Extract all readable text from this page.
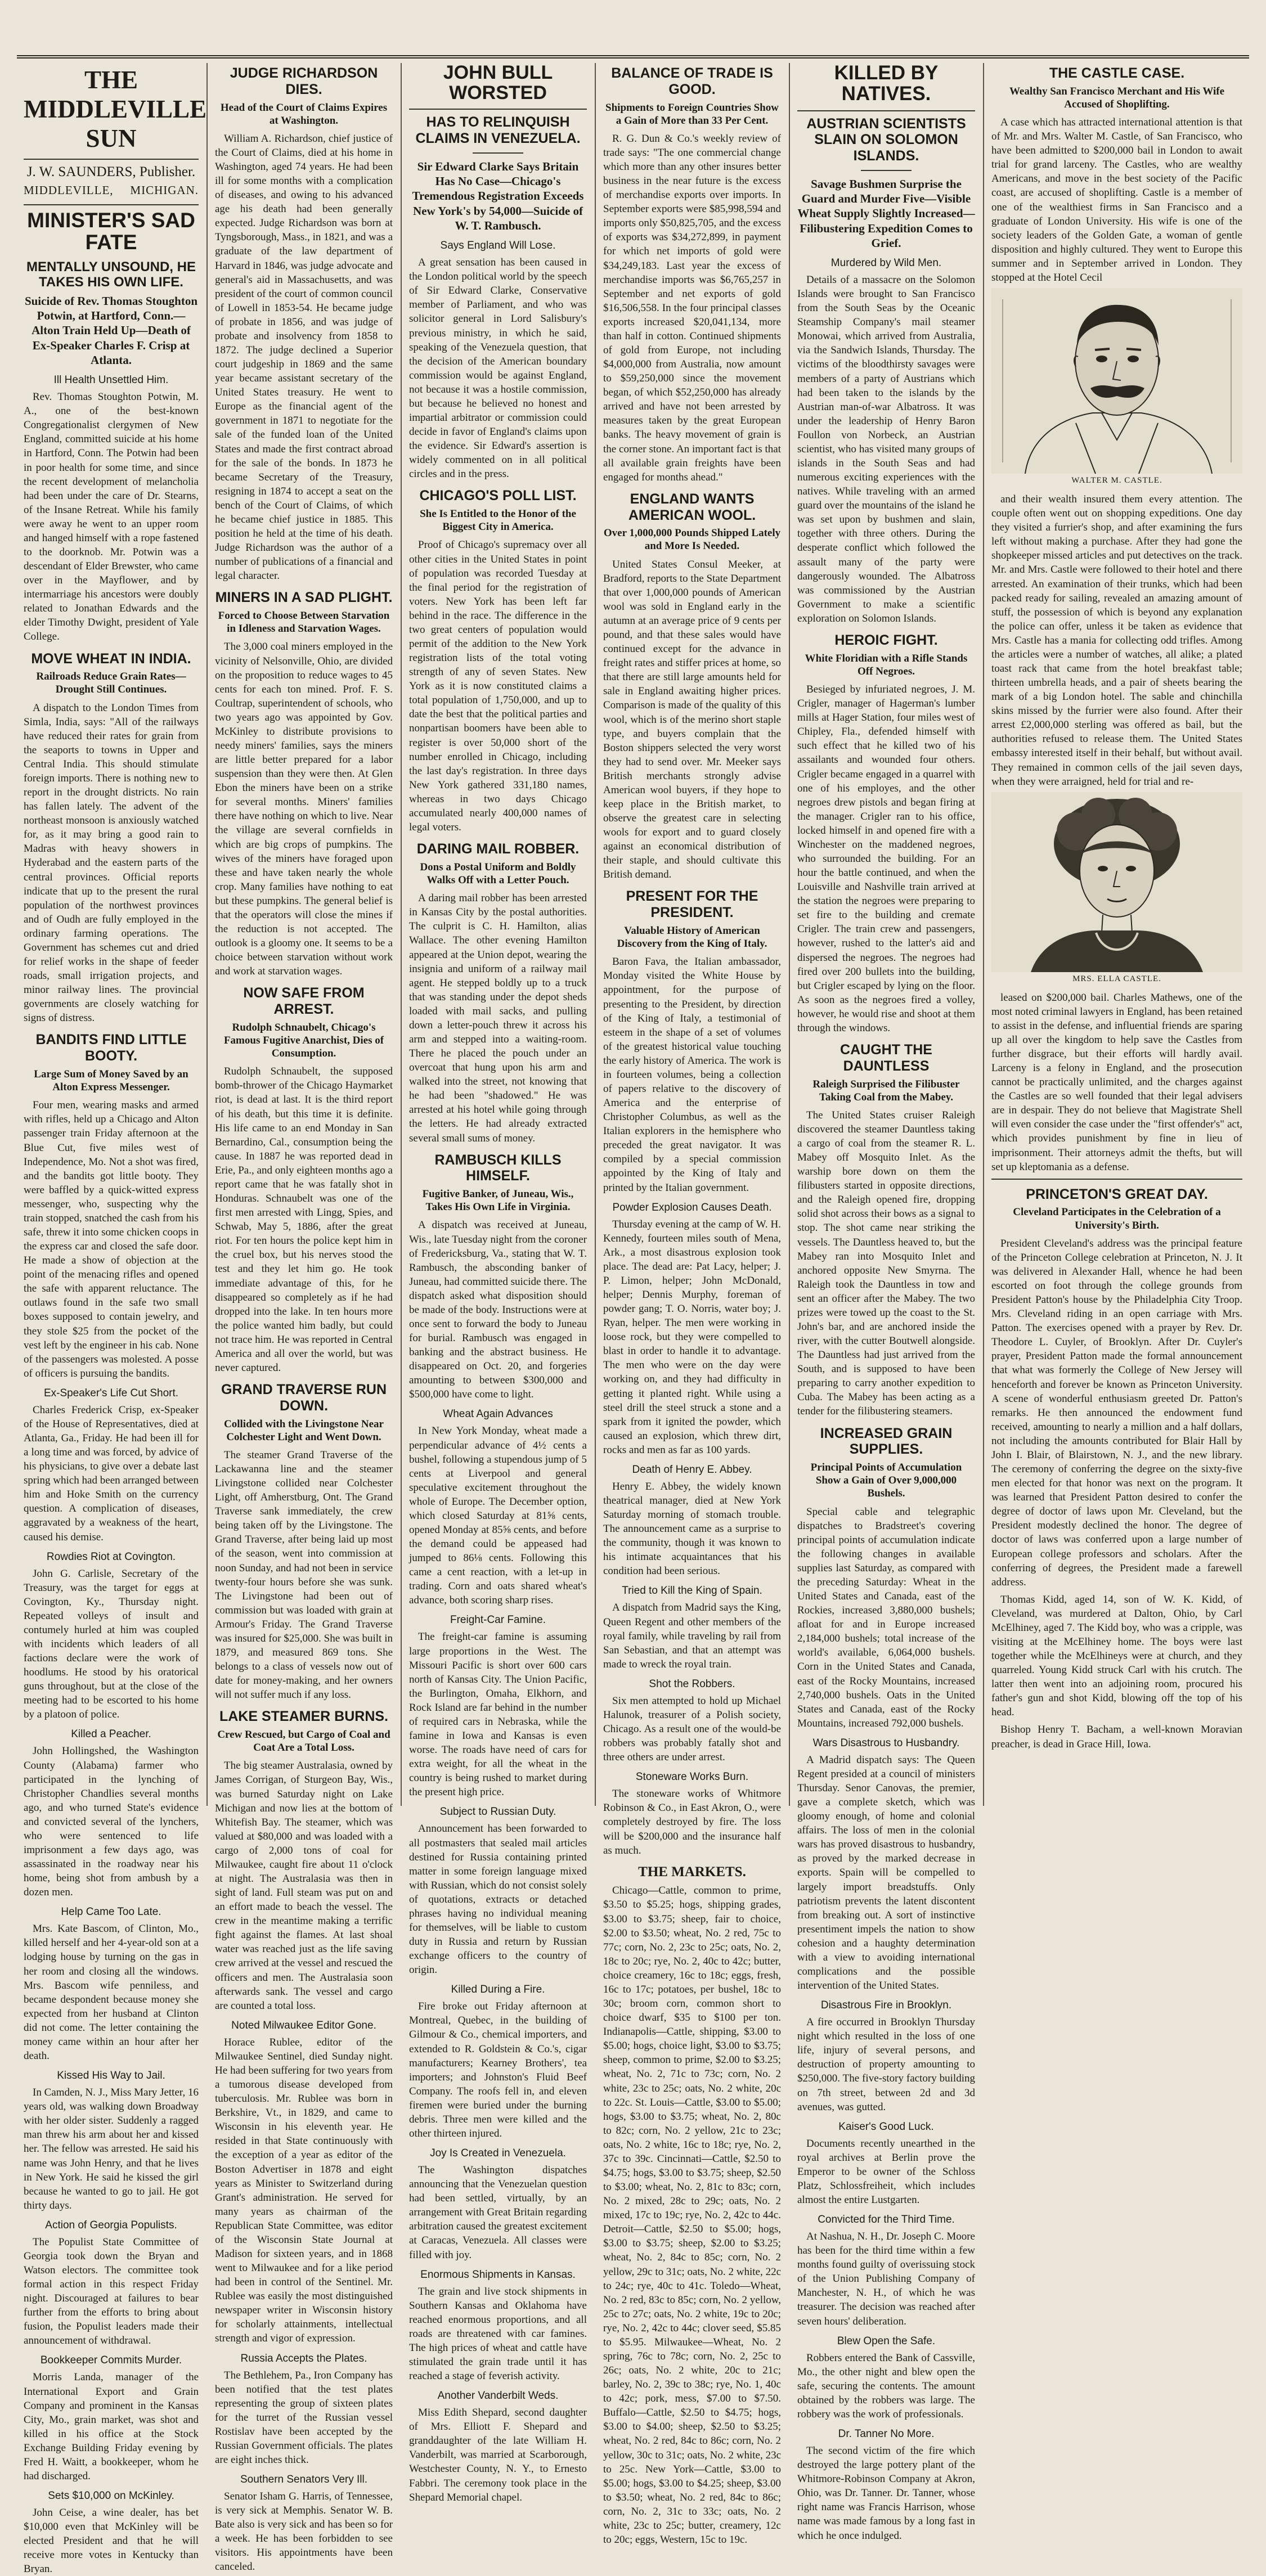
THE MIDDLEVILLE SUN
J. W. SAUNDERS, Publisher.
MIDDLEVILLE, MICHIGAN.
MINISTER'S SAD FATE
MENTALLY UNSOUND, HE TAKES HIS OWN LIFE.
Suicide of Rev. Thomas Stoughton Potwin, at Hartford, Conn.—Alton Train Held Up—Death of Ex-Speaker Charles F. Crisp at Atlanta.
Ill Health Unsettled Him.

Rev. Thomas Stoughton Potwin, M. A., one of the best-known Congregationalist clergymen of New England, committed suicide at his home in Hartford, Conn. The Potwin had been in poor health for some time, and since the recent development of melancholia had been under the care of Dr. Stearns, of the Insane Retreat. While his family were away he went to an upper room and hanged himself with a rope fastened to the doorknob. Mr. Potwin was a descendant of Elder Brewster, who came over in the Mayflower, and by intermarriage his ancestors were doubly related to Jonathan Edwards and the elder Timothy Dwight, president of Yale College.

MOVE WHEAT IN INDIA.
Railroads Reduce Grain Rates—Drought Still Continues.

A dispatch to the London Times from Simla, India, says: "All of the railways have reduced their rates for grain from the seaports to towns in Upper and Central India. This should stimulate foreign imports. There is nothing new to report in the drought districts. No rain has fallen lately. The advent of the northeast monsoon is anxiously watched for, as it may bring a good rain to Madras with heavy showers in Hyderabad and the eastern parts of the central provinces. Official reports indicate that up to the present the rural population of the northwest provinces and of Oudh are fully employed in the ordinary farming operations. The Government has schemes cut and dried for relief works in the shape of feeder roads, small irrigation projects, and minor railway lines. The provincial governments are closely watching for signs of distress.

BANDITS FIND LITTLE BOOTY.
Large Sum of Money Saved by an Alton Express Messenger.

Four men, wearing masks and armed with rifles, held up a Chicago and Alton passenger train Friday afternoon at the Blue Cut, five miles west of Independence, Mo. Not a shot was fired, and the bandits got little booty. They were baffled by a quick-witted express messenger, who, suspecting why the train stopped, snatched the cash from his safe, threw it into some chicken coops in the express car and closed the safe door. He made a show of objection at the point of the menacing rifles and opened the safe with apparent reluctance. The outlaws found in the safe two small boxes supposed to contain jewelry, and they stole $25 from the pocket of the vest left by the engineer in his cab. None of the passengers was molested. A posse of officers is pursuing the bandits.

Ex-Speaker's Life Cut Short.

Charles Frederick Crisp, ex-Speaker of the House of Representatives, died at Atlanta, Ga., Friday. He had been ill for a long time and was forced, by advice of his physicians, to give over a debate last spring which had been arranged between him and Hoke Smith on the currency question. A complication of diseases, aggravated by a weakness of the heart, caused his demise.

Rowdies Riot at Covington.

John G. Carlisle, Secretary of the Treasury, was the target for eggs at Covington, Ky., Thursday night. Repeated volleys of insult and contumely hurled at him was coupled with incidents which leaders of all factions declare were the work of hoodlums. He stood by his oratorical guns throughout, but at the close of the meeting had to be escorted to his home by a platoon of police.

Killed a Peacher.

John Hollingshed, the Washington County (Alabama) farmer who participated in the lynching of Christopher Chandlies several months ago, and who turned State's evidence and convicted several of the lynchers, who were sentenced to life imprisonment a few days ago, was assassinated in the roadway near his home, being shot from ambush by a dozen men.

Help Came Too Late.

Mrs. Kate Bascom, of Clinton, Mo., killed herself and her 4-year-old son at a lodging house by turning on the gas in her room and closing all the windows. Mrs. Bascom wife penniless, and became despondent because money she expected from her husband at Clinton did not come. The letter containing the money came within an hour after her death.

Kissed His Way to Jail.

In Camden, N. J., Miss Mary Jetter, 16 years old, was walking down Broadway with her older sister. Suddenly a ragged man threw his arm about her and kissed her. The fellow was arrested. He said his name was John Henry, and that he lives in New York. He said he kissed the girl because he wanted to go to jail. He got thirty days.

Action of Georgia Populists.

The Populist State Committee of Georgia took down the Bryan and Watson electors. The committee took formal action in this respect Friday night. Discouraged at failures to bear further from the efforts to bring about fusion, the Populist leaders made their announcement of withdrawal.

Bookkeeper Commits Murder.

Morris Landa, manager of the International Export and Grain Company and prominent in the Kansas City, Mo., grain market, was shot and killed in his office at the Stock Exchange Building Friday evening by Fred H. Waitt, a bookkeeper, whom he had discharged.

Sets $10,000 on McKinley.

John Ceise, a wine dealer, has bet $10,000 even that McKinley will be elected President and that he will receive more votes in Kentucky than Bryan.

JUDGE RICHARDSON DIES.
Head of the Court of Claims Expires at Washington.

William A. Richardson, chief justice of the Court of Claims, died at his home in Washington, aged 74 years. He had been ill for some months with a complication of diseases, and owing to his advanced age his death had been generally expected. Judge Richardson was born at Tyngsborough, Mass., in 1821, and was a graduate of the law department of Harvard in 1846, was judge advocate and general's aid in Massachusetts, and was president of the court of common council of Lowell in 1853-54. He became judge of probate in 1856, and was judge of probate and insolvency from 1858 to 1872. The judge declined a Superior court judgeship in 1869 and the same year became assistant secretary of the United States treasury. He went to Europe as the financial agent of the government in 1871 to negotiate for the sale of the funded loan of the United States and made the first contract abroad for the sale of the bonds. In 1873 he became Secretary of the Treasury, resigning in 1874 to accept a seat on the bench of the Court of Claims, of which he became chief justice in 1885. This position he held at the time of his death. Judge Richardson was the author of a number of publications of a financial and legal character.

MINERS IN A SAD PLIGHT.
Forced to Choose Between Starvation in Idleness and Starvation Wages.

The 3,000 coal miners employed in the vicinity of Nelsonville, Ohio, are divided on the proposition to reduce wages to 45 cents for each ton mined. Prof. F. S. Coultrap, superintendent of schools, who two years ago was appointed by Gov. McKinley to distribute provisions to needy miners' families, says the miners are little better prepared for a labor suspension than they were then. At Glen Ebon the miners have been on a strike for several months. Miners' families there have nothing on which to live. Near the village are several cornfields in which are big crops of pumpkins. The wives of the miners have foraged upon these and have taken nearly the whole crop. Many families have nothing to eat but these pumpkins. The general belief is that the operators will close the mines if the reduction is not accepted. The outlook is a gloomy one. It seems to be a choice between starvation without work and work at starvation wages.

NOW SAFE FROM ARREST.
Rudolph Schnaubelt, Chicago's Famous Fugitive Anarchist, Dies of Consumption.

Rudolph Schnaubelt, the supposed bomb-thrower of the Chicago Haymarket riot, is dead at last. It is the third report of his death, but this time it is definite. His life came to an end Monday in San Bernardino, Cal., consumption being the cause. In 1887 he was reported dead in Erie, Pa., and only eighteen months ago a report came that he was fatally shot in Honduras. Schnaubelt was one of the first men arrested with Lingg, Spies, and Schwab, May 5, 1886, after the great riot. For ten hours the police kept him in the cruel box, but his nerves stood the test and they let him go. He took immediate advantage of this, for he disappeared so completely as if he had dropped into the lake. In ten hours more the police wanted him badly, but could not trace him. He was reported in Central America and all over the world, but was never captured.

GRAND TRAVERSE RUN DOWN.
Collided with the Livingstone Near Colchester Light and Went Down.

The steamer Grand Traverse of the Lackawanna line and the steamer Livingstone collided near Colchester Light, off Amherstburg, Ont. The Grand Traverse sank immediately, the crew being taken off by the Livingstone. The Grand Traverse, after being laid up most of the season, went into commission at noon Sunday, and had not been in service twenty-four hours before she was sunk. The Livingstone had been out of commission but was loaded with grain at Armour's Friday. The Grand Traverse was insured for $25,000. She was built in 1879, and measured 869 tons. She belongs to a class of vessels now out of date for money-making, and her owners will not suffer much if any loss.

LAKE STEAMER BURNS.
Crew Rescued, but Cargo of Coal and Coat Are a Total Loss.

The big steamer Australasia, owned by James Corrigan, of Sturgeon Bay, Wis., was burned Saturday night on Lake Michigan and now lies at the bottom of Whitefish Bay. The steamer, which was valued at $80,000 and was loaded with a cargo of 2,000 tons of coal for Milwaukee, caught fire about 11 o'clock at night. The Australasia was then in sight of land. Full steam was put on and an effort made to beach the vessel. The crew in the meantime making a terrific fight against the flames. At last shoal water was reached just as the life saving crew arrived at the vessel and rescued the officers and men. The Australasia soon afterwards sank. The vessel and cargo are counted a total loss.

Noted Milwaukee Editor Gone.

Horace Rublee, editor of the Milwaukee Sentinel, died Sunday night. He had been suffering for two years from a tumorous disease developed from tuberculosis. Mr. Rublee was born in Berkshire, Vt., in 1829, and came to Wisconsin in his eleventh year. He resided in that State continuously with the exception of a year as editor of the Boston Advertiser in 1878 and eight years as Minister to Switzerland during Grant's administration. He served for many years as chairman of the Republican State Committee, was editor of the Wisconsin State Journal at Madison for sixteen years, and in 1868 went to Milwaukee and for a like period had been in control of the Sentinel. Mr. Rublee was easily the most distinguished newspaper writer in Wisconsin history for scholarly attainments, intellectual strength and vigor of expression.

Russia Accepts the Plates.

The Bethlehem, Pa., Iron Company has been notified that the test plates representing the group of sixteen plates for the turret of the Russian vessel Rostislav have been accepted by the Russian Government officials. The plates are eight inches thick.

Southern Senators Very Ill.

Senator Isham G. Harris, of Tennessee, is very sick at Memphis. Senator W. B. Bate also is very sick and has been so for a week. He has been forbidden to see visitors. His appointments have been canceled.

JOHN BULL WORSTED
HAS TO RELINQUISH CLAIMS IN VENEZUELA.
Sir Edward Clarke Says Britain Has No Case—Chicago's Tremendous Registration Exceeds New York's by 54,000—Suicide of W. T. Rambusch.
Says England Will Lose.

A great sensation has been caused in the London political world by the speech of Sir Edward Clarke, Conservative member of Parliament, and who was solicitor general in Lord Salisbury's previous ministry, in which he said, speaking of the Venezuela question, that the decision of the American boundary commission would be against England, not because it was a hostile commission, but because he believed no honest and impartial arbitrator or commission could decide in favor of England's claims upon the evidence. Sir Edward's assertion is widely commented on in all political circles and in the press.

CHICAGO'S POLL LIST.
She Is Entitled to the Honor of the Biggest City in America.

Proof of Chicago's supremacy over all other cities in the United States in point of population was recorded Tuesday at the final period for the registration of voters. New York has been left far behind in the race. The difference in the two great centers of population would permit of the addition to the New York registration lists of the total voting strength of any of seven States. New York as it is now constituted claims a total population of 1,750,000, and up to date the best that the political parties and nonpartisan boomers have been able to register is over 50,000 short of the number enrolled in Chicago, including the last day's registration. In three days New York gathered 331,180 names, whereas in two days Chicago accumulated nearly 400,000 names of legal voters.

DARING MAIL ROBBER.
Dons a Postal Uniform and Boldly Walks Off with a Letter Pouch.

A daring mail robber has been arrested in Kansas City by the postal authorities. The culprit is C. H. Hamilton, alias Wallace. The other evening Hamilton appeared at the Union depot, wearing the insignia and uniform of a railway mail agent. He stepped boldly up to a truck that was standing under the depot sheds loaded with mail sacks, and pulling down a letter-pouch threw it across his arm and stepped into a waiting-room. There he placed the pouch under an overcoat that hung upon his arm and walked into the street, not knowing that he had been "shadowed." He was arrested at his hotel while going through the letters. He had already extracted several small sums of money.

RAMBUSCH KILLS HIMSELF.
Fugitive Banker, of Juneau, Wis., Takes His Own Life in Virginia.

A dispatch was received at Juneau, Wis., late Tuesday night from the coroner of Fredericksburg, Va., stating that W. T. Rambusch, the absconding banker of Juneau, had committed suicide there. The dispatch asked what disposition should be made of the body. Instructions were at once sent to forward the body to Juneau for burial. Rambusch was engaged in banking and the abstract business. He disappeared on Oct. 20, and forgeries amounting to between $300,000 and $500,000 have come to light.

Wheat Again Advances

In New York Monday, wheat made a perpendicular advance of 4½ cents a bushel, following a stupendous jump of 5 cents at Liverpool and general speculative excitement throughout the whole of Europe. The December option, which closed Saturday at 81⅝ cents, opened Monday at 85⅝ cents, and before the demand could be appeased had jumped to 86⅛ cents. Following this came a cent reaction, with a let-up in trading. Corn and oats shared wheat's advance, both scoring sharp rises.

Freight-Car Famine.

The freight-car famine is assuming large proportions in the West. The Missouri Pacific is short over 600 cars north of Kansas City. The Union Pacific, the Burlington, Omaha, Elkhorn, and Rock Island are far behind in the number of required cars in Nebraska, while the famine in Iowa and Kansas is even worse. The roads have need of cars for extra weight, for all the wheat in the country is being rushed to market during the present high price.

Subject to Russian Duty.

Announcement has been forwarded to all postmasters that sealed mail articles destined for Russia containing printed matter in some foreign language mixed with Russian, which do not consist solely of quotations, extracts or detached phrases having no individual meaning for themselves, will be liable to custom duty in Russia and return by Russian exchange officers to the country of origin.

Killed During a Fire.

Fire broke out Friday afternoon at Montreal, Quebec, in the building of Gilmour & Co., chemical importers, and extended to R. Goldstein & Co.'s, cigar manufacturers; Kearney Brothers', tea importers; and Johnston's Fluid Beef Company. The roofs fell in, and eleven firemen were buried under the burning debris. Three men were killed and the other thirteen injured.

Joy Is Created in Venezuela.

The Washington dispatches announcing that the Venezuelan question had been settled, virtually, by an arrangement with Great Britain regarding arbitration caused the greatest excitement at Caracas, Venezuela. All classes were filled with joy.

Enormous Shipments in Kansas.

The grain and live stock shipments in Southern Kansas and Oklahoma have reached enormous proportions, and all roads are threatened with car famines. The high prices of wheat and cattle have stimulated the grain trade until it has reached a stage of feverish activity.

Another Vanderbilt Weds.

Miss Edith Shepard, second daughter of Mrs. Elliott F. Shepard and granddaughter of the late William H. Vanderbilt, was married at Scarborough, Westchester County, N. Y., to Ernesto Fabbri. The ceremony took place in the Shepard Memorial chapel.

BALANCE OF TRADE IS GOOD.
Shipments to Foreign Countries Show a Gain of More than 33 Per Cent.

R. G. Dun & Co.'s weekly review of trade says: "The one commercial change which more than any other insures better business in the near future is the excess of merchandise exports over imports. In September exports were $85,998,594 and imports only $50,825,705, and the excess of exports was $34,272,899, in payment for which net imports of gold were $34,249,183. Last year the excess of merchandise imports was $6,765,257 in September and net exports of gold $16,506,558. In the four principal classes exports increased $20,041,134, more than half in cotton. Continued shipments of gold from Europe, not including $4,000,000 from Australia, now amount to $59,250,000 since the movement began, of which $52,250,000 has already arrived and have not been arrested by measures taken by the great European banks. The heavy movement of grain is the corner stone. An important fact is that all available grain freights have been engaged for months ahead."

ENGLAND WANTS AMERICAN WOOL.
Over 1,000,000 Pounds Shipped Lately and More Is Needed.

United States Consul Meeker, at Bradford, reports to the State Department that over 1,000,000 pounds of American wool was sold in England early in the autumn at an average price of 9 cents per pound, and that these sales would have continued except for the advance in freight rates and stiffer prices at home, so that there are still large amounts held for sale in England awaiting higher prices. Comparison is made of the quality of this wool, which is of the merino short staple type, and buyers complain that the Boston shippers selected the very worst they had to send over. Mr. Meeker says British merchants strongly advise American wool buyers, if they hope to keep place in the British market, to observe the greatest care in selecting wools for export and to guard closely against an economical distribution of their staple, and should cultivate this British demand.

PRESENT FOR THE PRESIDENT.
Valuable History of American Discovery from the King of Italy.

Baron Fava, the Italian ambassador, Monday visited the White House by appointment, for the purpose of presenting to the President, by direction of the King of Italy, a testimonial of esteem in the shape of a set of volumes of the greatest historical value touching the early history of America. The work is in fourteen volumes, being a collection of papers relative to the discovery of America and the enterprise of Christopher Columbus, as well as the Italian explorers in the hemisphere who preceded the great navigator. It was compiled by a special commission appointed by the King of Italy and printed by the Italian government.

Powder Explosion Causes Death.

Thursday evening at the camp of W. H. Kennedy, fourteen miles south of Mena, Ark., a most disastrous explosion took place. The dead are: Pat Lacy, helper; J. P. Limon, helper; John McDonald, helper; Dennis Murphy, foreman of powder gang; T. O. Norris, water boy; J. Ryan, helper. The men were working in loose rock, but they were compelled to blast in order to handle it to advantage. The men who were on the day were working on, and they had difficulty in getting it planted right. While using a steel drill the steel struck a stone and a spark from it ignited the powder, which caused an explosion, which threw dirt, rocks and men as far as 100 yards.

Death of Henry E. Abbey.

Henry E. Abbey, the widely known theatrical manager, died at New York Saturday morning of stomach trouble. The announcement came as a surprise to the community, though it was known to his intimate acquaintances that his condition had been serious.

Tried to Kill the King of Spain.

A dispatch from Madrid says the King, Queen Regent and other members of the royal family, while traveling by rail from San Sebastian, and that an attempt was made to wreck the royal train.

Shot the Robbers.

Six men attempted to hold up Michael Halunok, treasurer of a Polish society, Chicago. As a result one of the would-be robbers was probably fatally shot and three others are under arrest.

Stoneware Works Burn.

The stoneware works of Whitmore Robinson & Co., in East Akron, O., were completely destroyed by fire. The loss will be $200,000 and the insurance half as much.

THE MARKETS.

Chicago—Cattle, common to prime, $3.50 to $5.25; hogs, shipping grades, $3.00 to $3.75; sheep, fair to choice, $2.00 to $3.50; wheat, No. 2 red, 75c to 77c; corn, No. 2, 23c to 25c; oats, No. 2, 18c to 20c; rye, No. 2, 40c to 42c; butter, choice creamery, 16c to 18c; eggs, fresh, 16c to 17c; potatoes, per bushel, 18c to 30c; broom corn, common short to choice dwarf, $35 to $100 per ton. Indianapolis—Cattle, shipping, $3.00 to $5.00; hogs, choice light, $3.00 to $3.75; sheep, common to prime, $2.00 to $3.25; wheat, No. 2, 71c to 73c; corn, No. 2 white, 23c to 25c; oats, No. 2 white, 20c to 22c. St. Louis—Cattle, $3.00 to $5.00; hogs, $3.00 to $3.75; wheat, No. 2, 80c to 82c; corn, No. 2 yellow, 21c to 23c; oats, No. 2 white, 16c to 18c; rye, No. 2, 37c to 39c. Cincinnati—Cattle, $2.50 to $4.75; hogs, $3.00 to $3.75; sheep, $2.50 to $3.00; wheat, No. 2, 81c to 83c; corn, No. 2 mixed, 28c to 29c; oats, No. 2 mixed, 17c to 19c; rye, No. 2, 42c to 44c. Detroit—Cattle, $2.50 to $5.00; hogs, $3.00 to $3.75; sheep, $2.00 to $3.25; wheat, No. 2, 84c to 85c; corn, No. 2 yellow, 29c to 31c; oats, No. 2 white, 22c to 24c; rye, 40c to 41c. Toledo—Wheat, No. 2 red, 83c to 85c; corn, No. 2 yellow, 25c to 27c; oats, No. 2 white, 19c to 20c; rye, No. 2, 42c to 44c; clover seed, $5.85 to $5.95. Milwaukee—Wheat, No. 2 spring, 76c to 78c; corn, No. 2, 25c to 26c; oats, No. 2 white, 20c to 21c; barley, No. 2, 39c to 38c; rye, No. 1, 40c to 42c; pork, mess, $7.00 to $7.50. Buffalo—Cattle, $2.50 to $4.75; hogs, $3.00 to $4.00; sheep, $2.50 to $3.25; wheat, No. 2 red, 84c to 86c; corn, No. 2 yellow, 30c to 31c; oats, No. 2 white, 23c to 25c. New York—Cattle, $3.00 to $5.00; hogs, $3.00 to $4.25; sheep, $3.00 to $3.50; wheat, No. 2 red, 84c to 86c; corn, No. 2, 31c to 33c; oats, No. 2 white, 23c to 25c; butter, creamery, 12c to 20c; eggs, Western, 15c to 19c.

KILLED BY NATIVES.
AUSTRIAN SCIENTISTS SLAIN ON SOLOMON ISLANDS.
Savage Bushmen Surprise the Guard and Murder Five—Visible Wheat Supply Slightly Increased—Filibustering Expedition Comes to Grief.
Murdered by Wild Men.

Details of a massacre on the Solomon Islands were brought to San Francisco from the South Seas by the Oceanic Steamship Company's mail steamer Monowai, which arrived from Australia, via the Sandwich Islands, Thursday. The victims of the bloodthirsty savages were members of a party of Austrians which had been taken to the islands by the Austrian man-of-war Albatross. It was under the leadership of Henry Baron Foullon von Norbeck, an Austrian scientist, who has visited many groups of islands in the South Seas and had numerous exciting experiences with the natives. While traveling with an armed guard over the mountains of the island he was set upon by bushmen and slain, together with three others. During the desperate conflict which followed the assault many of the party were dangerously wounded. The Albatross was commissioned by the Austrian Government to make a scientific exploration on Solomon Islands.

HEROIC FIGHT.
White Floridian with a Rifle Stands Off Negroes.

Besieged by infuriated negroes, J. M. Crigler, manager of Hagerman's lumber mills at Hager Station, four miles west of Chipley, Fla., defended himself with such effect that he killed two of his assailants and wounded four others. Crigler became engaged in a quarrel with one of his employes, and the other negroes drew pistols and began firing at the manager. Crigler ran to his office, locked himself in and opened fire with a Winchester on the maddened negroes, who surrounded the building. For an hour the battle continued, and when the Louisville and Nashville train arrived at the station the negroes were preparing to set fire to the building and cremate Crigler. The train crew and passengers, however, rushed to the latter's aid and dispersed the negroes. The negroes had fired over 200 bullets into the building, but Crigler escaped by lying on the floor. As soon as the negroes fired a volley, however, he would rise and shoot at them through the windows.

CAUGHT THE DAUNTLESS
Raleigh Surprised the Filibuster Taking Coal from the Mabey.

The United States cruiser Raleigh discovered the steamer Dauntless taking a cargo of coal from the steamer R. L. Mabey off Mosquito Inlet. As the warship bore down on them the filibusters started in opposite directions, and the Raleigh opened fire, dropping solid shot across their bows as a signal to stop. The shot came near striking the vessels. The Dauntless heaved to, but the Mabey ran into Mosquito Inlet and anchored opposite New Smyrna. The Raleigh took the Dauntless in tow and sent an officer after the Mabey. The two prizes were towed up the coast to the St. John's bar, and are anchored inside the river, with the cutter Boutwell alongside. The Dauntless had just arrived from the South, and is supposed to have been preparing to carry another expedition to Cuba. The Mabey has been acting as a tender for the filibustering steamers.

INCREASED GRAIN SUPPLIES.
Principal Points of Accumulation Show a Gain of Over 9,000,000 Bushels.

Special cable and telegraphic dispatches to Bradstreet's covering principal points of accumulation indicate the following changes in available supplies last Saturday, as compared with the preceding Saturday: Wheat in the United States and Canada, east of the Rockies, increased 3,880,000 bushels; afloat for and in Europe increased 2,184,000 bushels; total increase of the world's available, 6,064,000 bushels. Corn in the United States and Canada, east of the Rocky Mountains, increased 2,740,000 bushels. Oats in the United States and Canada, east of the Rocky Mountains, increased 792,000 bushels.

Wars Disastrous to Husbandry.

A Madrid dispatch says: The Queen Regent presided at a council of ministers Thursday. Senor Canovas, the premier, gave a complete sketch, which was gloomy enough, of home and colonial affairs. The loss of men in the colonial wars has proved disastrous to husbandry, as proved by the marked decrease in exports. Spain will be compelled to largely import breadstuffs. Only patriotism prevents the latent discontent from breaking out. A sort of instinctive presentiment impels the nation to show cohesion and a haughty determination with a view to avoiding international complications and the possible intervention of the United States.

Disastrous Fire in Brooklyn.

A fire occurred in Brooklyn Thursday night which resulted in the loss of one life, injury of several persons, and destruction of property amounting to $250,000. The five-story factory building on 7th street, between 2d and 3d avenues, was gutted.

Kaiser's Good Luck.

Documents recently unearthed in the royal archives at Berlin prove the Emperor to be owner of the Schloss Platz, Schlossfreiheit, which includes almost the entire Lustgarten.

Convicted for the Third Time.

At Nashua, N. H., Dr. Joseph C. Moore has been for the third time within a few months found guilty of overissuing stock of the Union Publishing Company of Manchester, N. H., of which he was treasurer. The decision was reached after seven hours' deliberation.

Blew Open the Safe.

Robbers entered the Bank of Cassville, Mo., the other night and blew open the safe, securing the contents. The amount obtained by the robbers was large. The robbery was the work of professionals.

Dr. Tanner No More.

The second victim of the fire which destroyed the large pottery plant of the Whitmore-Robinson Company at Akron, Ohio, was Dr. Tanner. Dr. Tanner, whose right name was Francis Harrison, whose name was made famous by a long fast in which he once indulged.

THE CASTLE CASE.
Wealthy San Francisco Merchant and His Wife Accused of Shoplifting.

A case which has attracted international attention is that of Mr. and Mrs. Walter M. Castle, of San Francisco, who have been admitted to $200,000 bail in London to await trial for grand larceny. The Castles, who are wealthy Americans, and move in the best society of the Pacific coast, are accused of shoplifting. Castle is a member of one of the wealthiest firms in San Francisco and a graduate of London University. His wife is one of the society leaders of the Golden Gate, a woman of gentle disposition and highly cultured. They went to Europe this summer and in September arrived in London. They stopped at the Hotel Cecil

WALTER M. CASTLE.

and their wealth insured them every attention. The couple often went out on shopping expeditions. One day they visited a furrier's shop, and after examining the furs left without making a purchase. After they had gone the shopkeeper missed articles and put detectives on the track. Mr. and Mrs. Castle were followed to their hotel and there arrested. An examination of their trunks, which had been packed ready for sailing, revealed an amazing amount of stuff, the possession of which is beyond any explanation the police can offer, unless it be taken as evidence that Mrs. Castle has a mania for collecting odd trifles. Among the articles were a number of watches, all alike; a plated toast rack that came from the hotel breakfast table; thirteen umbrella heads, and a pair of sheets bearing the mark of a big London hotel. The sable and chinchilla skins missed by the furrier were also found. After their arrest £2,000,000 sterling was offered as bail, but the authorities refused to release them. The United States embassy interested itself in their behalf, but without avail. They remained in common cells of the jail seven days, when they were arraigned, held for trial and re-

MRS. ELLA CASTLE.

leased on $200,000 bail. Charles Mathews, one of the most noted criminal lawyers in England, has been retained to assist in the defense, and influential friends are sparing up all over the kingdom to help save the Castles from further disgrace, but their efforts will hardly avail. Larceny is a felony in England, and the prosecution cannot be practically unlimited, and the charges against the Castles are so well founded that their legal advisers are in despair. They do not believe that Magistrate Shell will even consider the case under the "first offender's" act, which provides punishment by fine in lieu of imprisonment. Their attorneys admit the thefts, but will set up kleptomania as a defense.

PRINCETON'S GREAT DAY.
Cleveland Participates in the Celebration of a University's Birth.

President Cleveland's address was the principal feature of the Princeton College celebration at Princeton, N. J. It was delivered in Alexander Hall, whence he had been escorted on foot through the college grounds from President Patton's house by the Philadelphia City Troop. Mrs. Cleveland riding in an open carriage with Mrs. Patton. The exercises opened with a prayer by Rev. Dr. Theodore L. Cuyler, of Brooklyn. After Dr. Cuyler's prayer, President Patton made the formal announcement that what was formerly the College of New Jersey will henceforth and forever be known as Princeton University. A scene of wonderful enthusiasm greeted Dr. Patton's remarks. He then announced the endowment fund received, amounting to nearly a million and a half dollars, not including the amounts contributed for Blair Hall by John I. Blair, of Blairstown, N. J., and the new library. The ceremony of conferring the degree on the sixty-five men elected for that honor was next on the program. It was learned that President Patton desired to confer the degree of doctor of laws upon Mr. Cleveland, but the President modestly declined the honor. The degree of doctor of laws was conferred upon a large number of European college professors and scholars. After the conferring of degrees, the President made a farewell address.

Thomas Kidd, aged 14, son of W. K. Kidd, of Cleveland, was murdered at Dalton, Ohio, by Carl McElhiney, aged 7. The Kidd boy, who was a cripple, was visiting at the McElhiney home. The boys were last together while the McElhineys were at church, and they quarreled. Young Kidd struck Carl with his crutch. The latter then went into an adjoining room, procured his father's gun and shot Kidd, blowing off the top of his head.

Bishop Henry T. Bacham, a well-known Moravian preacher, is dead in Grace Hill, Iowa.
